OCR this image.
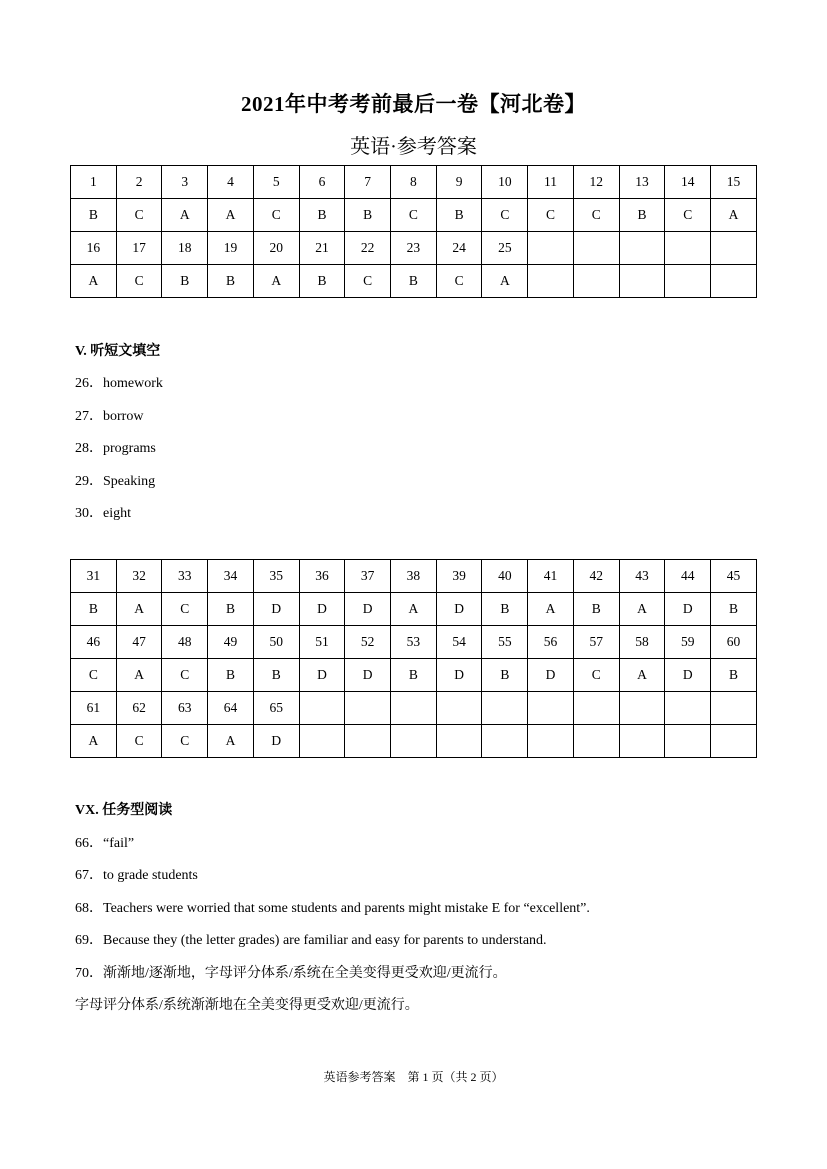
2021年中考考前最后一卷【河北卷】
英语·参考答案
1	2	3	4	5	6	7	8	9	10	11	12	13	14	15
B	C	A	A	C	B	B	C	B	C	C	C	B	C	A
16	17	18	19	20	21	22	23	24	25					
A	C	B	B	A	B	C	B	C	A					
V. 听短文填空
26．homework
27．borrow
28．programs
29．Speaking
30．eight
31	32	33	34	35	36	37	38	39	40	41	42	43	44	45
B	A	C	B	D	D	D	A	D	B	A	B	A	D	B
46	47	48	49	50	51	52	53	54	55	56	57	58	59	60
C	A	C	B	B	D	D	B	D	B	D	C	A	D	B
61	62	63	64	65										
A	C	C	A	D										
VX. 任务型阅读
66．“fail”
67．to grade students
68．Teachers were worried that some students and parents might mistake E for “excellent”.
69．Because they (the letter grades) are familiar and easy for parents to understand.
70．渐渐地/逐渐地，字母评分体系/系统在全美变得更受欢迎/更流行。
字母评分体系/系统渐渐地在全美变得更受欢迎/更流行。
英语参考答案　第 1 页（共 2 页）
